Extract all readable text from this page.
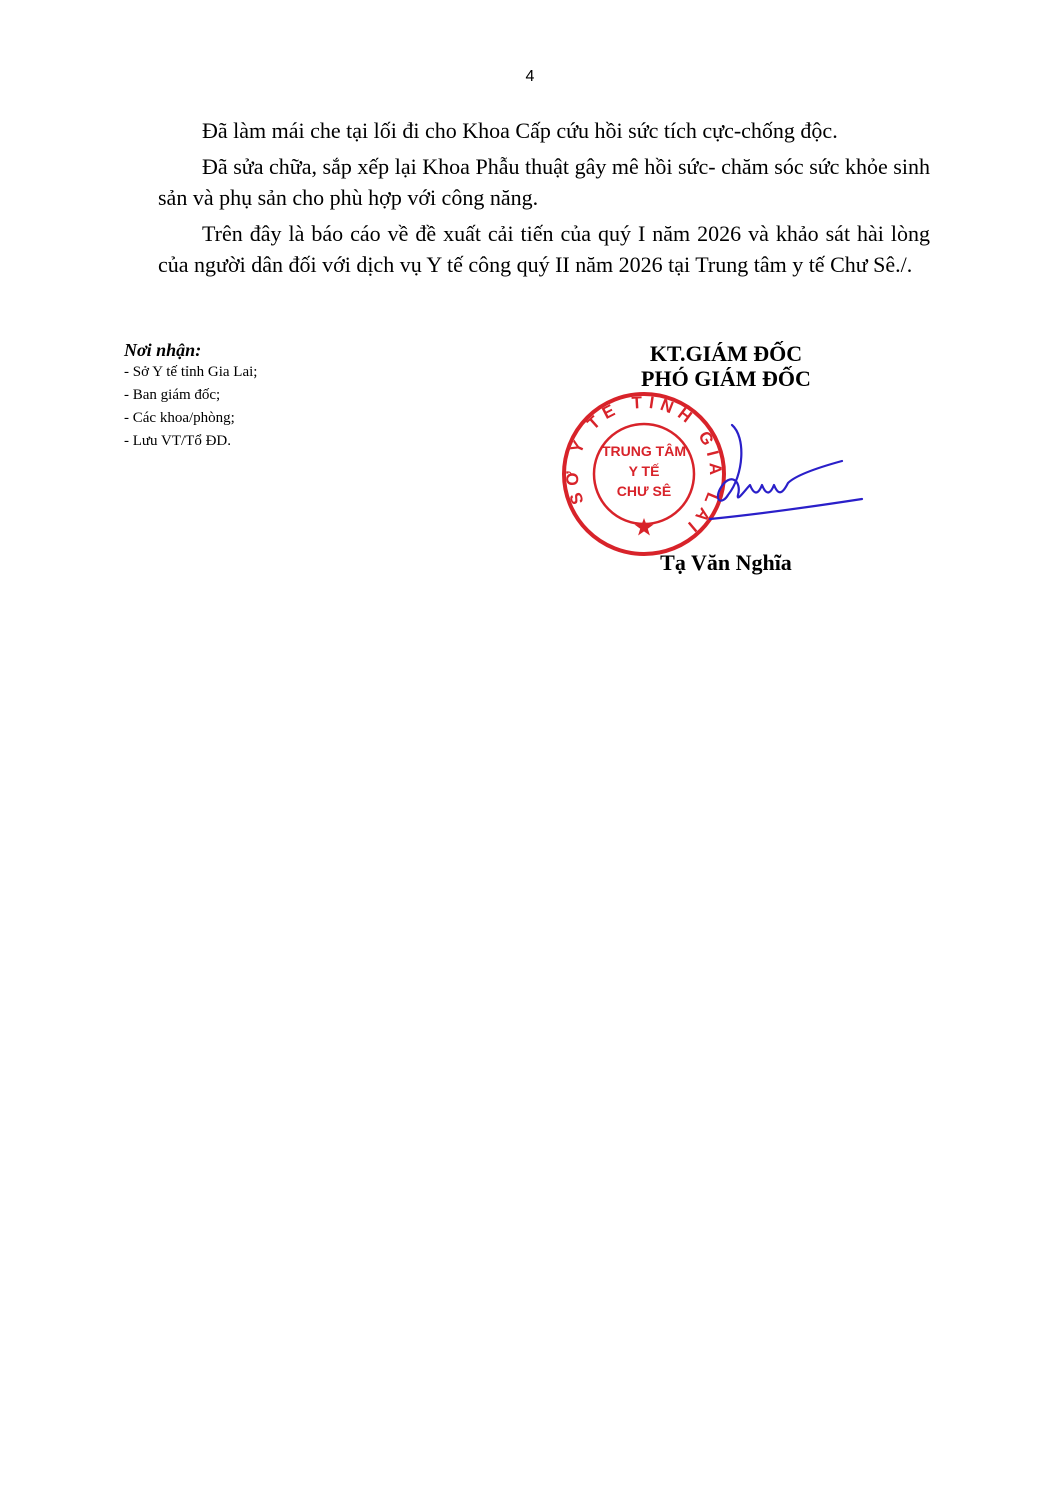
4

Đã làm mái che tại lối đi cho Khoa Cấp cứu hồi sức tích cực-chống độc.

Đã sửa chữa, sắp xếp lại Khoa Phẫu thuật gây mê hồi sức- chăm sóc sức khỏe sinh sản và phụ sản cho phù hợp với công năng.

Trên đây là báo cáo về đề xuất cải tiến của quý I năm 2026 và khảo sát hài lòng của người dân đối với dịch vụ Y tế công quý II năm 2026 tại Trung tâm y tế Chư Sê./.

Nơi nhận:
- Sở Y tế tỉnh Gia Lai;
- Ban giám đốc;
- Các khoa/phòng;
- Lưu VT/Tổ ĐD.
KT.GIÁM ĐỐC
PHÓ GIÁM ĐỐC
SỞ Y TẾ TỈNH GIA LAI
TRUNG TÂM
Y TẾ
CHƯ SÊ
Tạ Văn Nghĩa
